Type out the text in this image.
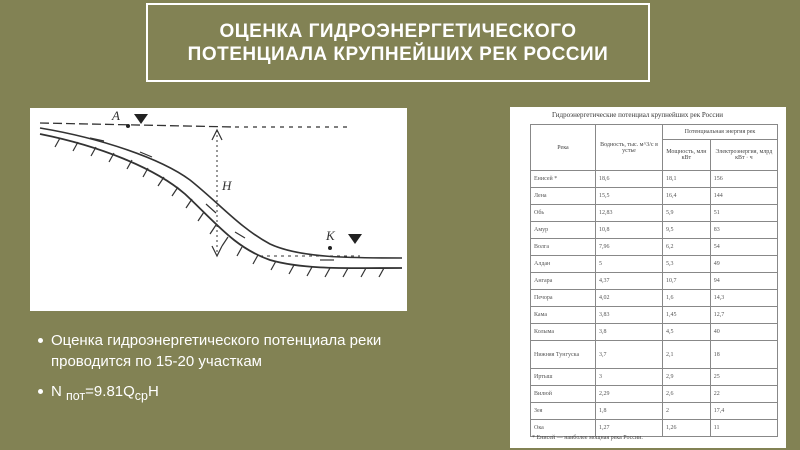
ОЦЕНКА ГИДРОЭНЕРГЕТИЧЕСКОГО
ПОТЕНЦИАЛА КРУПНЕЙШИХ РЕК РОССИИ
A
K
H
Оценка гидроэнергетического потенциала реки проводится по 15-20 участкам
N $_{пот}=9.81Q_{ср}H$
Гидроэнергетические потенциал крупнейших рек России
Река	Водность, тыс. м^3/с в устье	Потенциальная энергия рек	
		Мощность, млн кВт	Электроэнергия, млрд кВт · ч
Енисей *	18,6	18,1	156
Лена	15,5	16,4	144
Обь	12,83	5,9	51
Амур	10,8	9,5	83
Волга	7,96	6,2	54
Алдан	5	5,3	49
Ангара	4,37	10,7	94
Печора	4,02	1,6	14,3
Кама	3,83	1,45	12,7
Колыма	3,8	4,5	40
Нижняя Тунгуска	3,7	2,1	18
Иртыш	3	2,9	25
Вилюй	2,29	2,6	22
Зея	1,8	2	17,4
Ока	1,27	1,26	11
* Енисей — наиболее мощная река России.
